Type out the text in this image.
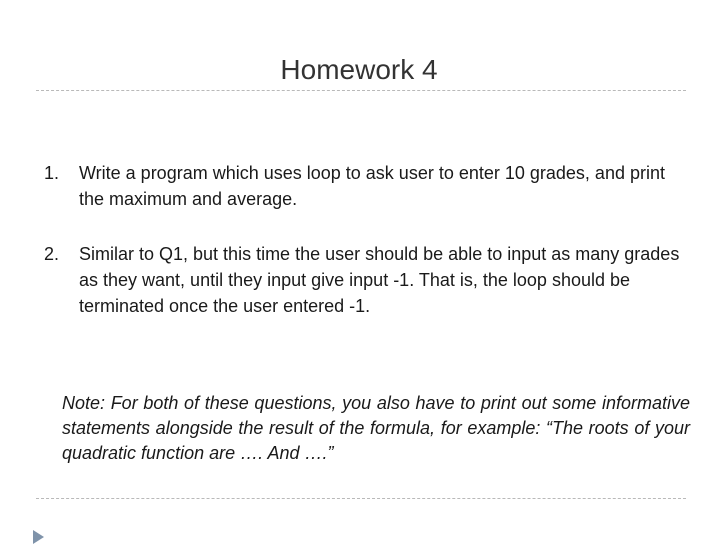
Homework 4
1. Write a program which uses loop to ask user to enter 10 grades, and print the maximum and average.
2. Similar to Q1, but this time the user should be able to input as many grades as they want, until they input give input -1. That is, the loop should be terminated once the user entered -1.
Note: For both of these questions, you also have to print out some informative statements alongside the result of the formula, for example: “The roots of your quadratic function are …. And ….”
